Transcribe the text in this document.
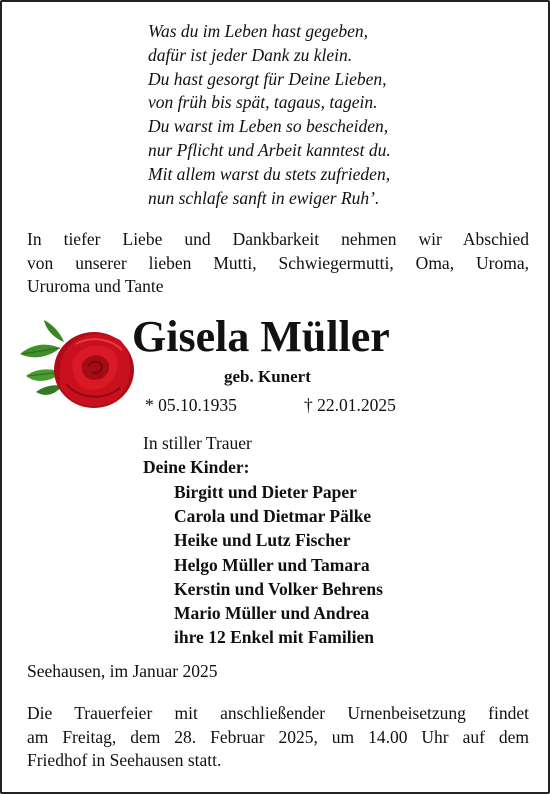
Was du im Leben hast gegeben,
dafür ist jeder Dank zu klein.
Du hast gesorgt für Deine Lieben,
von früh bis spät, tagaus, tagein.
Du warst im Leben so bescheiden,
nur Pflicht und Arbeit kanntest du.
Mit allem warst du stets zufrieden,
nun schlafe sanft in ewiger Ruh’.
In tiefer Liebe und Dankbarkeit nehmen wir Abschied
von unserer lieben Mutti, Schwiegermutti, Oma, Uroma,
Ururoma und Tante
Gisela Müller
geb. Kunert
* 05.10.1935	† 22.01.2025
In stiller Trauer
Deine Kinder:
Birgitt und Dieter Paper
Carola und Dietmar Pälke
Heike und Lutz Fischer
Helgo Müller und Tamara
Kerstin und Volker Behrens
Mario Müller und Andrea
ihre 12 Enkel mit Familien
Seehausen, im Januar 2025
Die Trauerfeier mit anschließender Urnenbeisetzung findet
am Freitag, dem 28. Februar 2025, um 14.00 Uhr auf dem
Friedhof in Seehausen statt.
